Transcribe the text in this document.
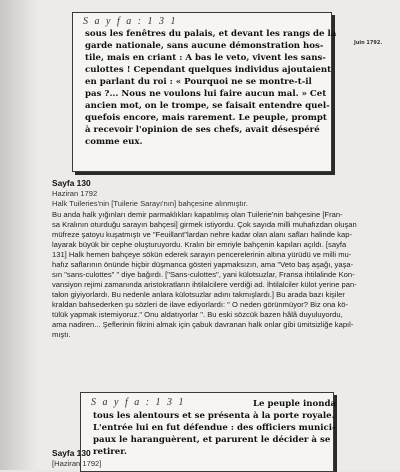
S a y f a : 1 3 1
sous les fenêtres du palais, et devant les rangs de la
garde nationale, sans aucune démonstration hos-
tile, mais en criant : A bas le veto, vivent les sans-
culottes ! Cependant quelques individus ajoutaient
en parlant du roi : « Pourquoi ne se montre-t-il
pas ?... Nous ne voulons lui faire aucun mal. » Cet
ancien mot, on le trompe, se faisait entendre quel-
quefois encore, mais rarement. Le peuple, prompt
à recevoir l'opinion de ses chefs, avait désespéré
comme eux.
Juin 1792.
Sayfa 130
Haziran 1792
Halk Tuileries'nin [Tuilerie Sarayı'nın] bahçesine alınmıştır.
Bu anda halk yığınları demir parmaklıkları kapatılmış olan Tuilerie'nin bahçesine [Fran-
sa Kralının oturduğu sarayın bahçesi] girmek istiyordu. Çok sayıda milli muhafızdan oluşan
müfreze şatoyu kuşatmıştı ve "Feuillant"lardan nehre kadar olan alanı safları halinde kap-
layarak büyük bir cephe oluşturuyordu. Kralın bir emriyle bahçenin kapıları açıldı. [sayfa
131] Halk hemen bahçeye sökün ederek sarayın pencerelerinin altına yürüdü ve milli mu-
hafız saflarının önünde hiçbir düşmanca gösteri yapmaksızın, ama "Veto baş aşağı, yaşa-
sın "sans-culottes" " diye bağırdı. ["Sans-culottes", yani külotsuzlar, Fransa ihtilalinde Kon-
vansiyon rejimi zamanında aristokratların ihtilalcilere verdiği ad. İhtilalciler külot yerine pan-
talon giyiyorlardı. Bu nedenle anlara külotsuzlar adını takmışlardı.] Bu arada bazı kişiler
kraldan bahsederken şu sözleri de ilave ediyorlardı: " O neden görünmüyor? Biz ona kö-
tülük yapmak istemiyoruz." Onu aldatıyorlar ". Bu eski sözcük bazen hâlâ duyuluyordu,
ama nadiren... Şeflerinin fikrini almak için çabuk davranan halk onlar gibi ümitsizliğe kapıl-
mıştı.
S a y f a : 1 3 1	Le peuple inonda
tous les alentours et se présenta à la porte royale.
L'entrée lui en fut défendue : des officiers munici-
paux le haranguèrent, et parurent le décider à se
retirer.
Sayfa 130
[Haziran 1792]
